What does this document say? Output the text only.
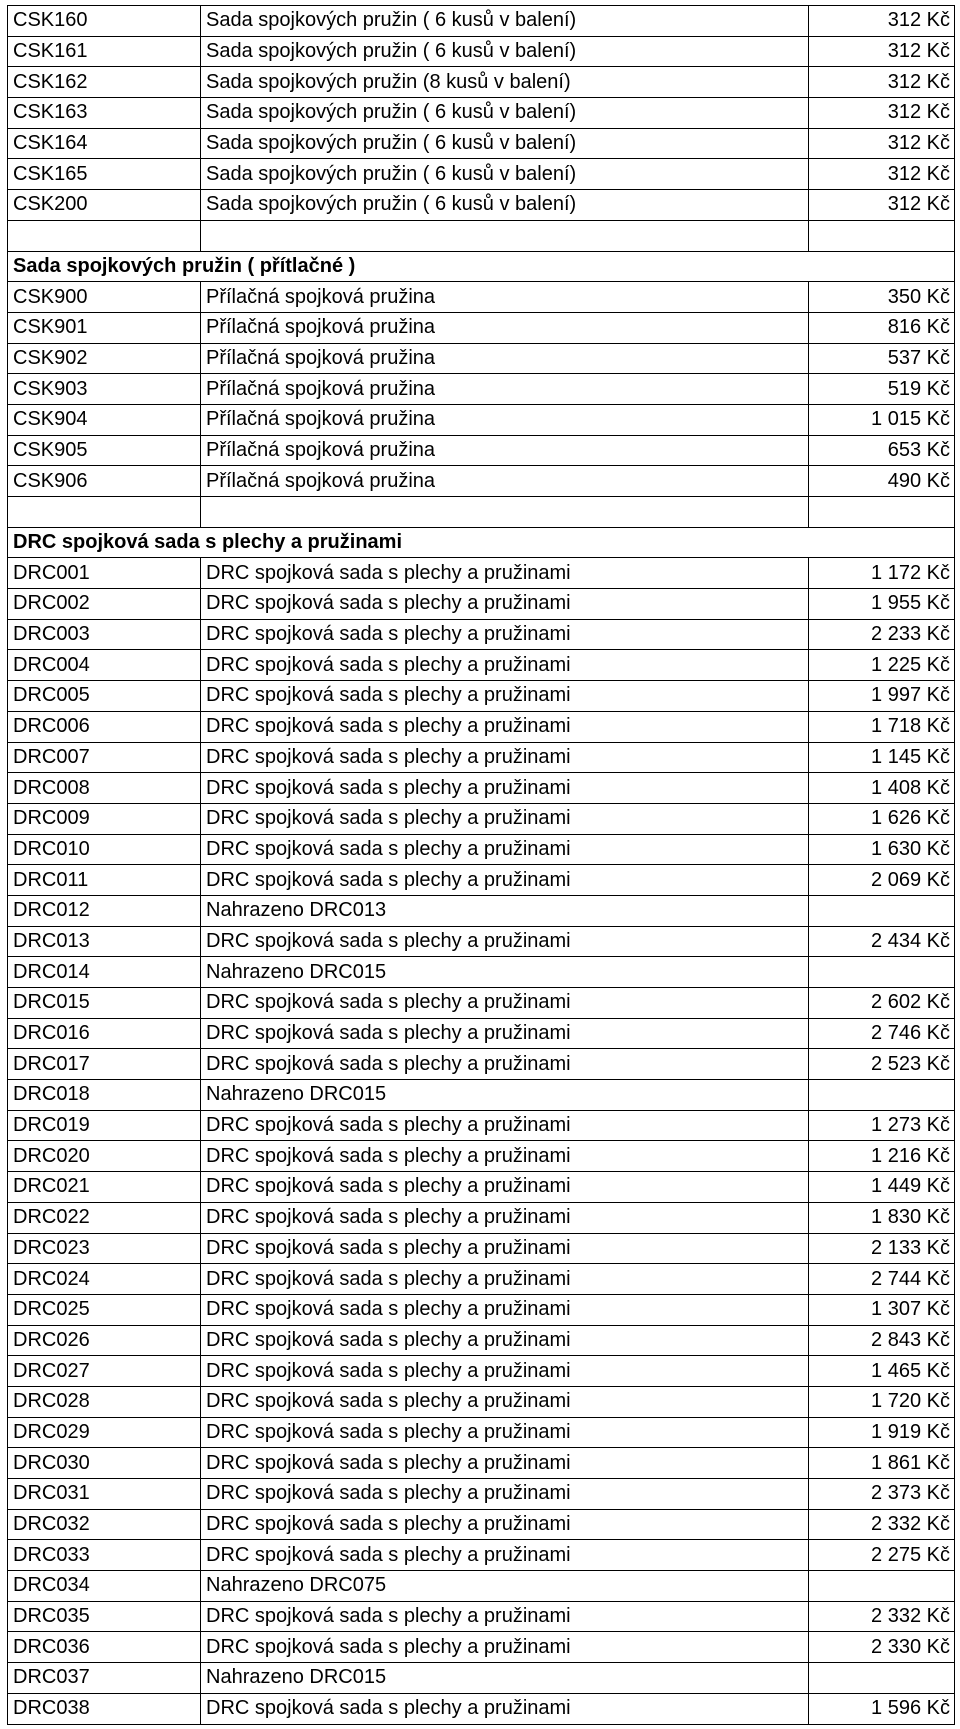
CSK160	Sada spojkových pružin ( 6 kusů v balení)	312 Kč
CSK161	Sada spojkových pružin ( 6 kusů v balení)	312 Kč
CSK162	Sada spojkových pružin (8 kusů v balení)	312 Kč
CSK163	Sada spojkových pružin ( 6 kusů v balení)	312 Kč
CSK164	Sada spojkových pružin ( 6 kusů v balení)	312 Kč
CSK165	Sada spojkových pružin ( 6 kusů v balení)	312 Kč
CSK200	Sada spojkových pružin ( 6 kusů v balení)	312 Kč

Sada spojkových pružin ( přítlačné )		
CSK900	Přílačná spojková pružina	350 Kč
CSK901	Přílačná spojková pružina	816 Kč
CSK902	Přílačná spojková pružina	537 Kč
CSK903	Přílačná spojková pružina	519 Kč
CSK904	Přílačná spojková pružina	1 015 Kč
CSK905	Přílačná spojková pružina	653 Kč
CSK906	Přílačná spojková pružina	490 Kč

DRC spojková sada s plechy a pružinami		
DRC001	DRC spojková sada s plechy a pružinami	1 172 Kč
DRC002	DRC spojková sada s plechy a pružinami	1 955 Kč
DRC003	DRC spojková sada s plechy a pružinami	2 233 Kč
DRC004	DRC spojková sada s plechy a pružinami	1 225 Kč
DRC005	DRC spojková sada s plechy a pružinami	1 997 Kč
DRC006	DRC spojková sada s plechy a pružinami	1 718 Kč
DRC007	DRC spojková sada s plechy a pružinami	1 145 Kč
DRC008	DRC spojková sada s plechy a pružinami	1 408 Kč
DRC009	DRC spojková sada s plechy a pružinami	1 626 Kč
DRC010	DRC spojková sada s plechy a pružinami	1 630 Kč
DRC011	DRC spojková sada s plechy a pružinami	2 069 Kč
DRC012	Nahrazeno DRC013	
DRC013	DRC spojková sada s plechy a pružinami	2 434 Kč
DRC014	Nahrazeno DRC015	
DRC015	DRC spojková sada s plechy a pružinami	2 602 Kč
DRC016	DRC spojková sada s plechy a pružinami	2 746 Kč
DRC017	DRC spojková sada s plechy a pružinami	2 523 Kč
DRC018	Nahrazeno DRC015	
DRC019	DRC spojková sada s plechy a pružinami	1 273 Kč
DRC020	DRC spojková sada s plechy a pružinami	1 216 Kč
DRC021	DRC spojková sada s plechy a pružinami	1 449 Kč
DRC022	DRC spojková sada s plechy a pružinami	1 830 Kč
DRC023	DRC spojková sada s plechy a pružinami	2 133 Kč
DRC024	DRC spojková sada s plechy a pružinami	2 744 Kč
DRC025	DRC spojková sada s plechy a pružinami	1 307 Kč
DRC026	DRC spojková sada s plechy a pružinami	2 843 Kč
DRC027	DRC spojková sada s plechy a pružinami	1 465 Kč
DRC028	DRC spojková sada s plechy a pružinami	1 720 Kč
DRC029	DRC spojková sada s plechy a pružinami	1 919 Kč
DRC030	DRC spojková sada s plechy a pružinami	1 861 Kč
DRC031	DRC spojková sada s plechy a pružinami	2 373 Kč
DRC032	DRC spojková sada s plechy a pružinami	2 332 Kč
DRC033	DRC spojková sada s plechy a pružinami	2 275 Kč
DRC034	Nahrazeno DRC075	
DRC035	DRC spojková sada s plechy a pružinami	2 332 Kč
DRC036	DRC spojková sada s plechy a pružinami	2 330 Kč
DRC037	Nahrazeno DRC015	
DRC038	DRC spojková sada s plechy a pružinami	1 596 Kč
